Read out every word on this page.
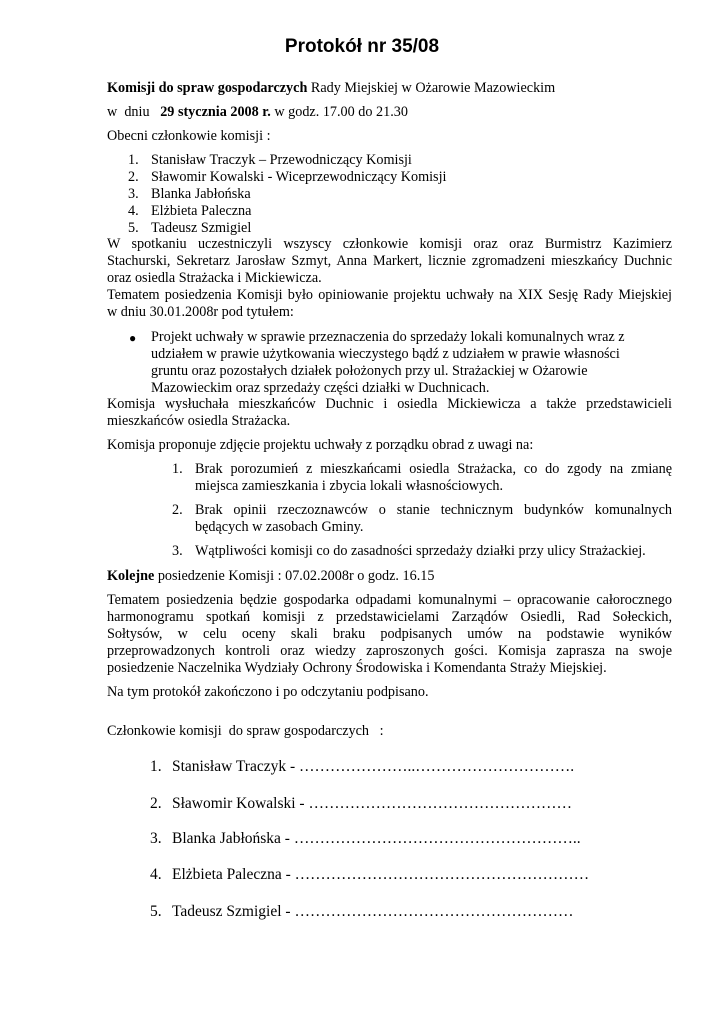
Protokół nr 35/08
Komisji do spraw gospodarczych Rady Miejskiej w Ożarowie Mazowieckim
w  dniu   29 stycznia 2008 r. w godz. 17.00 do 21.30
Obecni członkowie komisji :
1. Stanisław Traczyk – Przewodniczący Komisji
2. Sławomir Kowalski - Wiceprzewodniczący Komisji
3. Blanka Jabłońska
4. Elżbieta Paleczna
5. Tadeusz Szmigiel
W spotkaniu uczestniczyli wszyscy członkowie komisji oraz oraz Burmistrz Kazimierz
Stachurski, Sekretarz Jarosław Szmyt, Anna Markert, licznie zgromadzeni mieszkańcy Duchnic
oraz osiedla Strażacka i Mickiewicza.
Tematem posiedzenia Komisji było opiniowanie projektu uchwały na XIX Sesję Rady Miejskiej
w dniu 30.01.2008r pod tytułem:
● Projekt uchwały w sprawie przeznaczenia do sprzedaży lokali komunalnych wraz z
udziałem w prawie użytkowania wieczystego bądź z udziałem w prawie własności
gruntu oraz pozostałych działek położonych przy ul. Strażackiej w Ożarowie
Mazowieckim oraz sprzedaży części działki w Duchnicach.
Komisja wysłuchała mieszkańców Duchnic i osiedla Mickiewicza a także przedstawicieli
mieszkańców osiedla Strażacka.
Komisja proponuje zdjęcie projektu uchwały z porządku obrad z uwagi na:
1. Brak porozumień z mieszkańcami osiedla Strażacka, co do zgody na zmianę
miejsca zamieszkania i zbycia lokali własnościowych.
2. Brak opinii rzeczoznawców o stanie technicznym budynków komunalnych
będących w zasobach Gminy.
3. Wątpliwości komisji co do zasadności sprzedaży działki przy ulicy Strażackiej.
Kolejne posiedzenie Komisji : 07.02.2008r o godz. 16.15
Tematem posiedzenia będzie gospodarka odpadami komunalnymi – opracowanie całorocznego
harmonogramu spotkań komisji z przedstawicielami Zarządów Osiedli, Rad Sołeckich,
Sołtysów, w celu oceny skali braku podpisanych umów na podstawie wyników
przeprowadzonych kontroli oraz wiedzy zaproszonych gości. Komisja zaprasza na swoje
posiedzenie Naczelnika Wydziały Ochrony Środowiska i Komendanta Straży Miejskiej.
Na tym protokół zakończono i po odczytaniu podpisano.
Członkowie komisji  do spraw gospodarczych   :
1. Stanisław Traczyk - …………………..………………………….
2. Sławomir Kowalski - ……………………………………………
3. Blanka Jabłońska - ………………………………………………..
4. Elżbieta Paleczna - …………………………………………………
5. Tadeusz Szmigiel - ………………………………………………
